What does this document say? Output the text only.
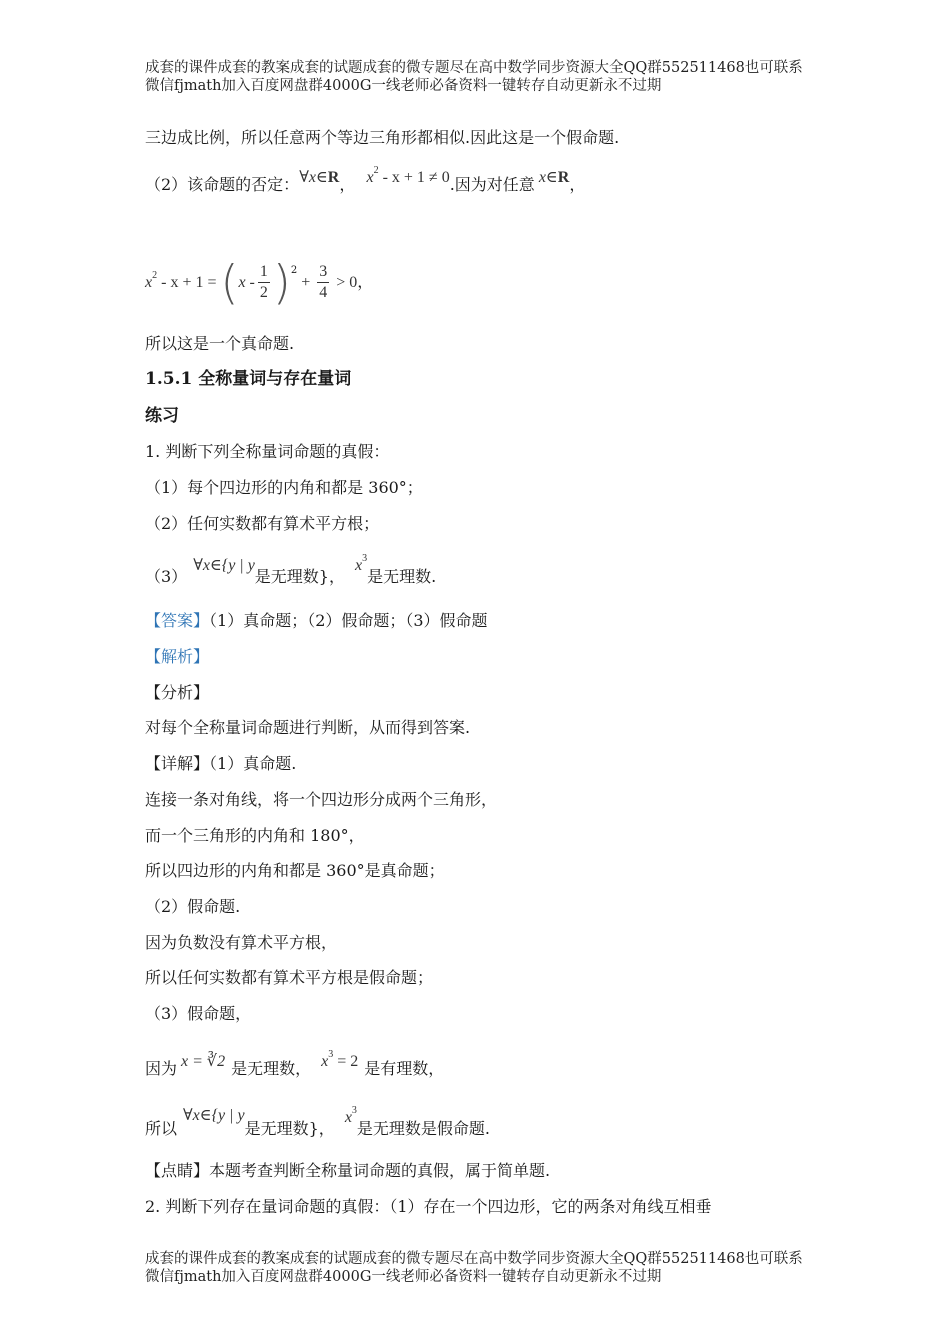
成套的课件成套的教案成套的试题成套的微专题尽在高中数学同步资源大全QQ群552511468也可联系微信fjmath加入百度网盘群4000G一线老师必备资料一键转存自动更新永不过期
三边成比例，所以任意两个等边三角形都相似.因此这是一个假命题.
（2）该命题的否定：∀x∈R， $x^2 - x + 1 \ne 0$.因为对任意 x∈R，
$x^2 - x + 1 = (x - \frac{1}{2} )^2 + \frac{3}{4} > 0$，
所以这是一个真命题.
1.5.1 全称量词与存在量词
练习
1. 判断下列全称量词命题的真假：
（1）每个四边形的内角和都是 360°；
（2）任何实数都有算术平方根；
（3）∀x∈{y | y是无理数}，$x^3$是无理数.
【答案】（1）真命题；（2）假命题；（3）假命题
【解析】
【分析】
对每个全称量词命题进行判断，从而得到答案.
【详解】（1）真命题.
连接一条对角线，将一个四边形分成两个三角形，
而一个三角形的内角和 180°，
所以四边形的内角和都是 360°是真命题；
（2）假命题.
因为负数没有算术平方根，
所以任何实数都有算术平方根是假命题；
（3）假命题，
因为 x = ∛2 是无理数， $x^3 = 2$ 是有理数，
所以∀x∈{y | y是无理数}，$x^3$是无理数是假命题.
【点睛】本题考查判断全称量词命题的真假，属于简单题.
2. 判断下列存在量词命题的真假：（1）存在一个四边形，它的两条对角线互相垂
成套的课件成套的教案成套的试题成套的微专题尽在高中数学同步资源大全QQ群552511468也可联系微信fjmath加入百度网盘群4000G一线老师必备资料一键转存自动更新永不过期
